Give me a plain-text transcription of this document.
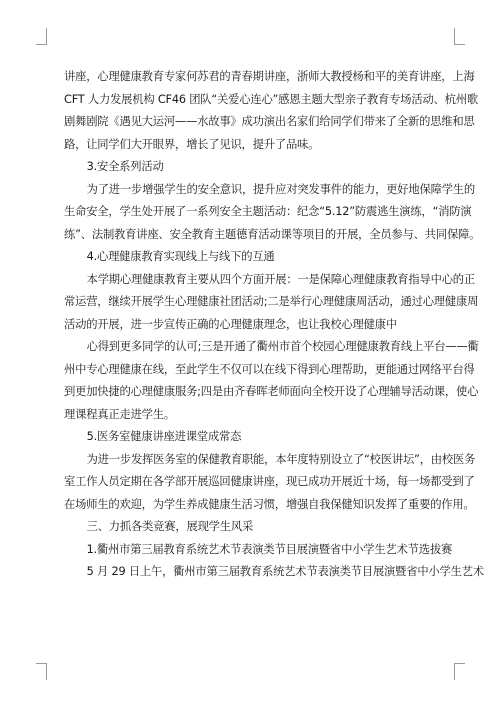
讲座，心理健康教育专家何苏君的青春期讲座，浙师大教授杨和平的美育讲座，上海
CFT 人力发展机构 CF46 团队“关爱心连心”感恩主题大型亲子教育专场活动、杭州歌
剧舞剧院《遇见大运河——水故事》成功演出名家们给同学们带来了全新的思维和思
路，让同学们大开眼界，增长了见识，提升了品味。

3.安全系列活动

为了进一步增强学生的安全意识，提升应对突发事件的能力，更好地保障学生的
生命安全，学生处开展了一系列安全主题活动：纪念“5.12”防震逃生演练，“消防演
练”、法制教育讲座、安全教育主题德育活动课等项目的开展，全员参与、共同保障。

4.心理健康教育实现线上与线下的互通

本学期心理健康教育主要从四个方面开展：一是保障心理健康教育指导中心的正
常运营，继续开展学生心理健康社团活动;二是举行心理健康周活动，通过心理健康周
活动的开展，进一步宣传正确的心理健康理念，也让我校心理健康中

心得到更多同学的认可;三是开通了衢州市首个校园心理健康教育线上平台——衢
州中专心理健康在线，至此学生不仅可以在线下得到心理帮助，更能通过网络平台得
到更加快捷的心理健康服务;四是由齐春晖老师面向全校开设了心理辅导活动课，使心
理课程真正走进学生。

5.医务室健康讲座进课堂成常态

为进一步发挥医务室的保健教育职能，本年度特别设立了“校医讲坛”，由校医务
室工作人员定期在各学部开展巡回健康讲座，现已成功开展近十场，每一场都受到了
在场师生的欢迎，为学生养成健康生活习惯，增强自我保健知识发挥了重要的作用。

三、力抓各类竞赛，展现学生风采

1.衢州市第三届教育系统艺术节表演类节目展演暨省中小学生艺术节选拔赛

5 月 29 日上午，衢州市第三届教育系统艺术节表演类节目展演暨省中小学生艺术
